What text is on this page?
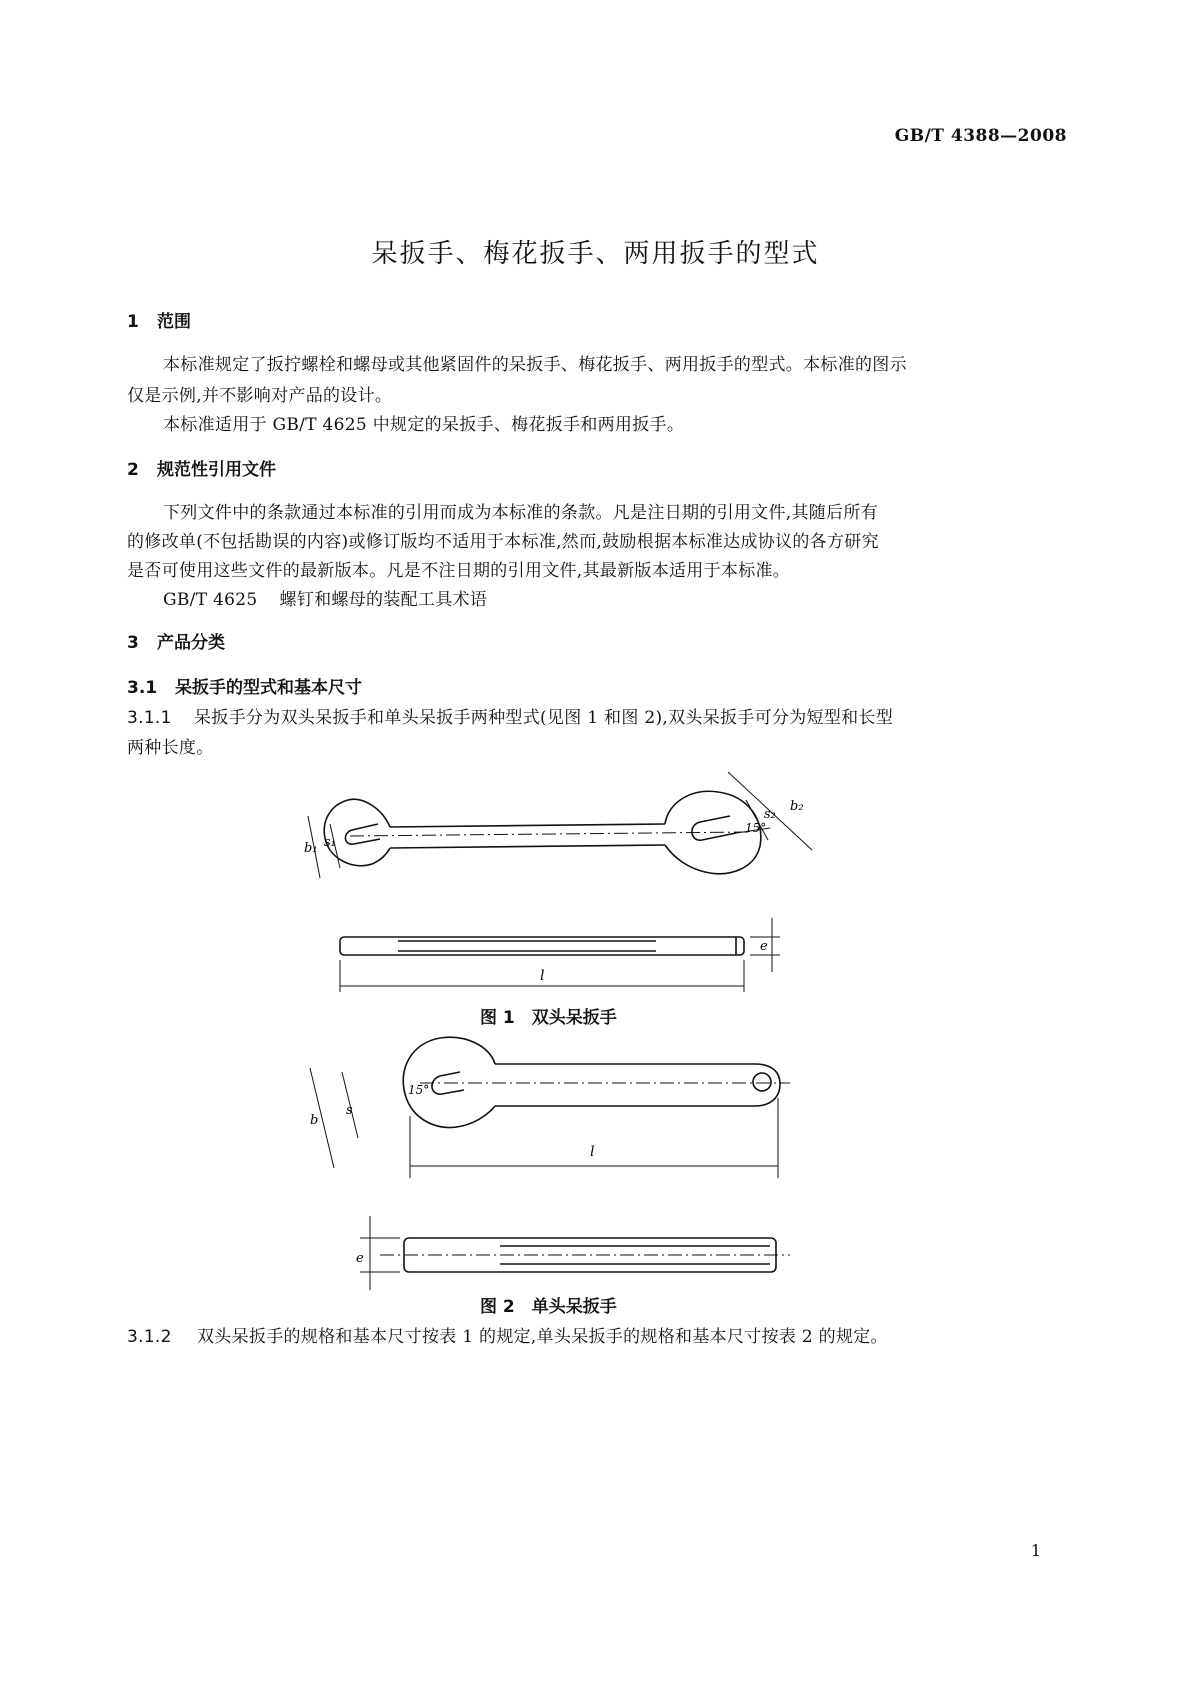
GB/T 4388—2008
呆扳手、梅花扳手、两用扳手的型式
1 范围
本标准规定了扳拧螺栓和螺母或其他紧固件的呆扳手、梅花扳手、两用扳手的型式。本标准的图示
仅是示例,并不影响对产品的设计。
本标准适用于 GB/T 4625 中规定的呆扳手、梅花扳手和两用扳手。
2 规范性引用文件
下列文件中的条款通过本标准的引用而成为本标准的条款。凡是注日期的引用文件,其随后所有
的修改单(不包括勘误的内容)或修订版均不适用于本标准,然而,鼓励根据本标准达成协议的各方研究
是否可使用这些文件的最新版本。凡是不注日期的引用文件,其最新版本适用于本标准。
GB/T 4625 螺钉和螺母的装配工具术语
3 产品分类
3.1 呆扳手的型式和基本尺寸
3.1.1 呆扳手分为双头呆扳手和单头呆扳手两种型式(见图 1 和图 2),双头呆扳手可分为短型和长型
两种长度。
b₁ s₁
15°
s₂
b₂
l
e
图 1　双头呆扳手
b
s
15°
l
e
图 2　单头呆扳手
3.1.2 双头呆扳手的规格和基本尺寸按表 1 的规定,单头呆扳手的规格和基本尺寸按表 2 的规定。
1
